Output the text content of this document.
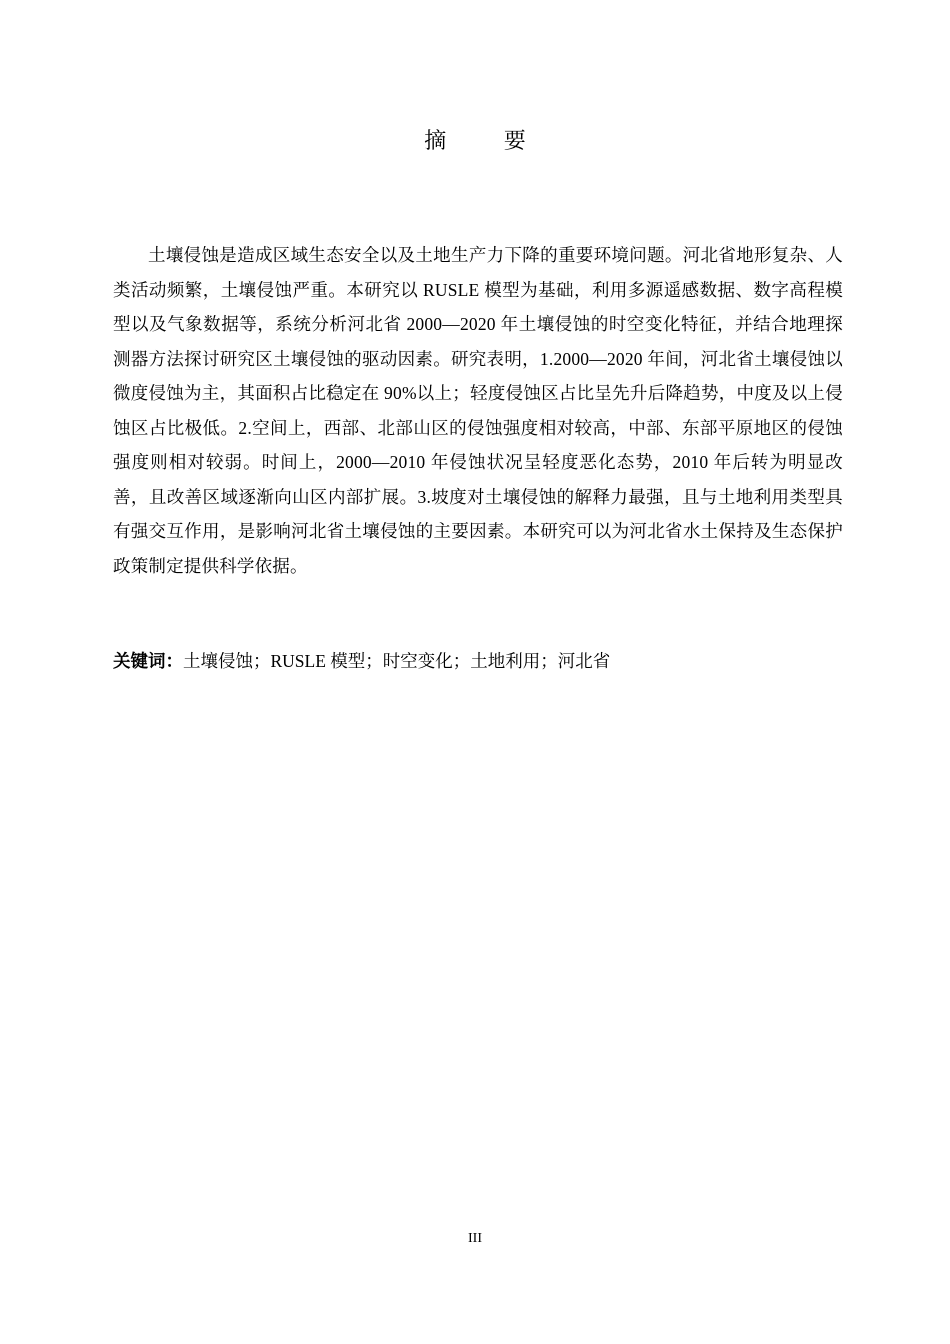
摘 要

土壤侵蚀是造成区域生态安全以及土地生产力下降的重要环境问题。河北省地形复杂、人类活动频繁，土壤侵蚀严重。本研究以 RUSLE 模型为基础，利用多源遥感数据、数字高程模型以及气象数据等，系统分析河北省 2000—2020 年土壤侵蚀的时空变化特征，并结合地理探测器方法探讨研究区土壤侵蚀的驱动因素。研究表明，1.2000—2020 年间，河北省土壤侵蚀以微度侵蚀为主，其面积占比稳定在 90%以上；轻度侵蚀区占比呈先升后降趋势，中度及以上侵蚀区占比极低。2.空间上，西部、北部山区的侵蚀强度相对较高，中部、东部平原地区的侵蚀强度则相对较弱。时间上，2000—2010 年侵蚀状况呈轻度恶化态势，2010 年后转为明显改善，且改善区域逐渐向山区内部扩展。3.坡度对土壤侵蚀的解释力最强，且与土地利用类型具有强交互作用，是影响河北省土壤侵蚀的主要因素。本研究可以为河北省水土保持及生态保护政策制定提供科学依据。

关键词：土壤侵蚀；RUSLE 模型；时空变化；土地利用；河北省

III
